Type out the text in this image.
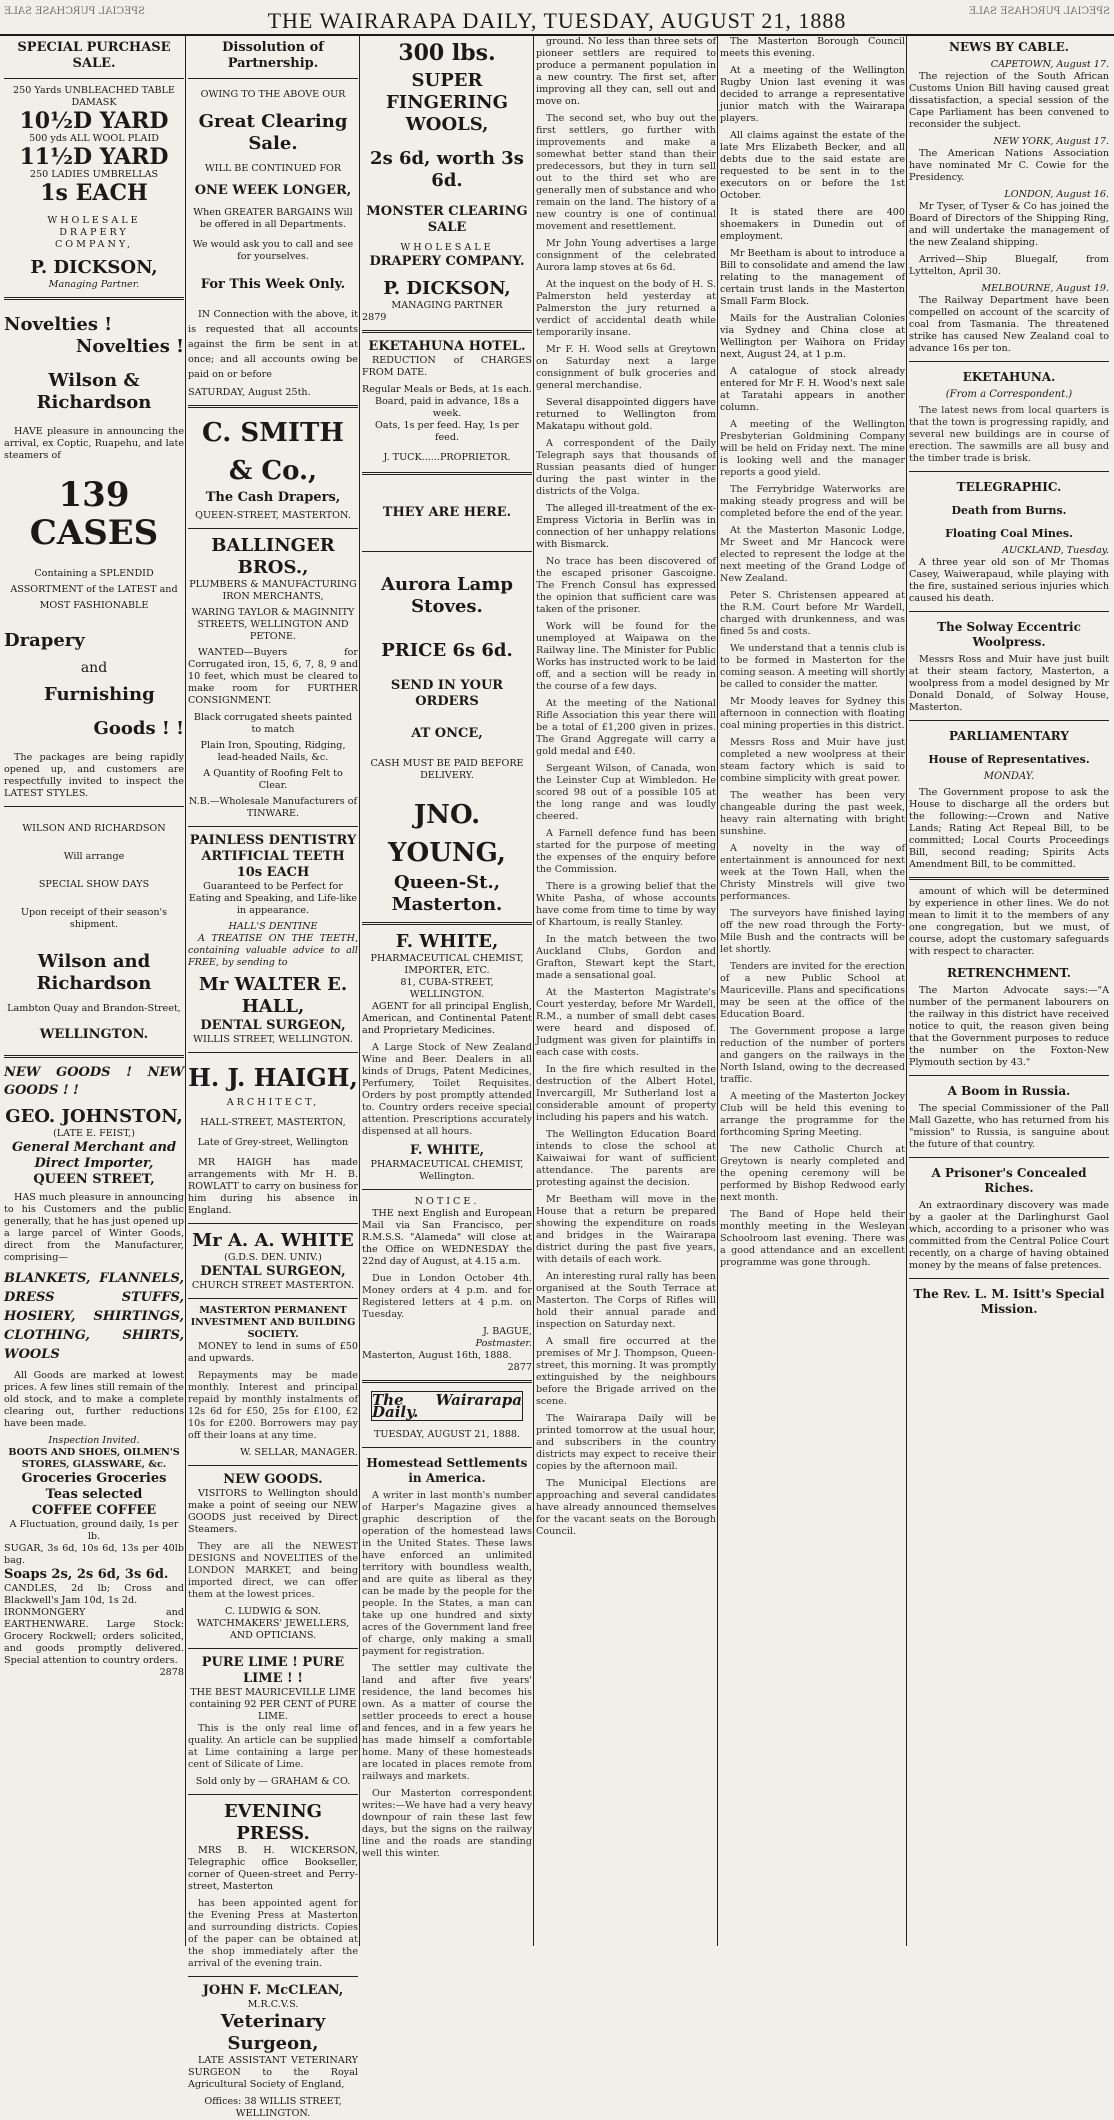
SPECIAL PURCHASE SALE	THE WAIRARAPA DAILY, TUESDAY, AUGUST 21, 1888	SPECIAL PURCHASE SALE
SPECIAL PURCHASE SALE.
250 Yards UNBLEACHED TABLE DAMASK
10½D YARD
500 yds ALL WOOL PLAID
11½D YARD
250 LADIES UMBRELLAS
1s EACH
WHOLESALE
DRAPERY
COMPANY,
P. DICKSON,
Managing Partner.
Novelties !
Novelties !
Wilson & Richardson

HAVE pleasure in announcing the arrival, ex Coptic, Ruapehu, and late steamers of

139 CASES
Containing a SPLENDID ASSORTMENT of the LATEST and MOST FASHIONABLE
Drapery
and
Furnishing
Goods ! !

The packages are being rapidly opened up, and customers are respectfully invited to inspect the LATEST STYLES.

WILSON AND RICHARDSON
Will arrange
SPECIAL SHOW DAYS
Upon receipt of their season's shipment.
Wilson and Richardson
Lambton Quay and Brandon-Street,
WELLINGTON.
NEW GOODS ! NEW GOODS ! !
GEO. JOHNSTON,
(LATE E. FEIST,)
General Merchant and Direct Importer,
QUEEN STREET,

HAS much pleasure in announcing to his Customers and the public generally, that he has just opened up a large parcel of Winter Goods, direct from the Manufacturer, comprising—

BLANKETS, FLANNELS, DRESS STUFFS, HOSIERY, SHIRTINGS, CLOTHING, SHIRTS, WOOLS

All Goods are marked at lowest prices. A few lines still remain of the old stock, and to make a complete clearing out, further reductions have been made.

Inspection Invited.
BOOTS AND SHOES, OILMEN'S STORES, GLASSWARE, &c.
Groceries Groceries
Teas selected
COFFEE COFFEE
A Fluctuation, ground daily, 1s per lb.
SUGAR, 3s 6d, 10s 6d, 13s per 40lb bag.
Soaps 2s, 2s 6d, 3s 6d.
CANDLES, 2d lb; Cross and Blackwell's Jam 10d, 1s 2d.
IRONMONGERY and EARTHENWARE. Large Stock: Grocery Rockwell; orders solicited, and goods promptly delivered. Special attention to country orders.
2878
Dissolution of Partnership.
OWING TO THE ABOVE OUR
Great Clearing Sale.
WILL BE CONTINUED FOR
ONE WEEK LONGER,
When GREATER BARGAINS Will be offered in all Departments.
We would ask you to call and see for yourselves.
For This Week Only.

IN Connection with the above, it is requested that all accounts against the firm be sent in at once; and all accounts owing be paid on or before

SATURDAY, August 25th.
C. SMITH & Co.,
The Cash Drapers,
QUEEN-STREET, MASTERTON.
BALLINGER BROS.,
PLUMBERS & MANUFACTURING IRON MERCHANTS,
WARING TAYLOR & MAGINNITY STREETS, WELLINGTON AND PETONE.

WANTED—Buyers for Corrugated iron, 15, 6, 7, 8, 9 and 10 feet, which must be cleared to make room for FURTHER CONSIGNMENT.

Black corrugated sheets painted to match
Plain Iron, Spouting, Ridging, lead-headed Nails, &c.
A Quantity of Roofing Felt to Clear.
N.B.—Wholesale Manufacturers of TINWARE.
PAINLESS DENTISTRY
ARTIFICIAL TEETH 10s EACH
Guaranteed to be Perfect for Eating and Speaking, and Life-like in appearance.
HALL'S DENTINE

A TREATISE ON THE TEETH, containing valuable advice to all FREE, by sending to

Mr WALTER E. HALL,
DENTAL SURGEON,
WILLIS STREET, WELLINGTON.
H. J. HAIGH,
ARCHITECT,
HALL-STREET, MASTERTON,
Late of Grey-street, Wellington

MR HAIGH has made arrangements with Mr H. B. ROWLATT to carry on business for him during his absence in England.

Mr A. A. WHITE
(G.D.S. DEN. UNIV.)
DENTAL SURGEON,
CHURCH STREET MASTERTON.
MASTERTON PERMANENT INVESTMENT AND BUILDING SOCIETY.

MONEY to lend in sums of £50 and upwards.

Repayments may be made monthly. Interest and principal repaid by monthly instalments of 12s 6d for £50, 25s for £100, £2 10s for £200. Borrowers may pay off their loans at any time.

W. SELLAR, MANAGER.
NEW GOODS.

VISITORS to Wellington should make a point of seeing our NEW GOODS just received by Direct Steamers.

They are all the NEWEST DESIGNS and NOVELTIES of the LONDON MARKET, and being imported direct, we can offer them at the lowest prices.

C. LUDWIG & SON. WATCHMAKERS' JEWELLERS, AND OPTICIANS.
PURE LIME ! PURE LIME ! !
THE BEST MAURICEVILLE LIME containing 92 PER CENT of PURE LIME.

This is the only real lime of quality. An article can be supplied at Lime containing a large per cent of Silicate of Lime.

Sold only by — GRAHAM & CO.
EVENING PRESS.

MRS B. H. WICKERSON, Telegraphic office Bookseller, corner of Queen-street and Perry-street, Masterton

has been appointed agent for the Evening Press at Masterton and surrounding districts. Copies of the paper can be obtained at the shop immediately after the arrival of the evening train.

JOHN F. McCLEAN,
M.R.C.V.S.
Veterinary Surgeon,

LATE ASSISTANT VETERINARY SURGEON to the Royal Agricultural Society of England,

Offices: 38 WILLIS STREET, WELLINGTON.
300 lbs.
SUPER FINGERING WOOLS,
2s 6d, worth 3s 6d.
MONSTER CLEARING SALE
WHOLESALE
DRAPERY COMPANY.
P. DICKSON,
MANAGING PARTNER
2879
EKETAHUNA HOTEL.

REDUCTION of CHARGES FROM DATE.

Regular Meals or Beds, at 1s each. Board, paid in advance, 18s a week.
Oats, 1s per feed. Hay, 1s per feed.
J. TUCK......PROPRIETOR.
THEY ARE HERE.
Aurora Lamp Stoves.
PRICE 6s 6d.
SEND IN YOUR ORDERS
AT ONCE,
CASH MUST BE PAID BEFORE DELIVERY.
JNO. YOUNG,
Queen-St., Masterton.
F. WHITE,
PHARMACEUTICAL CHEMIST, IMPORTER, ETC.
81, CUBA-STREET, WELLINGTON.

AGENT for all principal English, American, and Continental Patent and Proprietary Medicines.

A Large Stock of New Zealand Wine and Beer. Dealers in all kinds of Drugs, Patent Medicines, Perfumery, Toilet Requisites. Orders by post promptly attended to. Country orders receive special attention. Prescriptions accurately dispensed at all hours.

F. WHITE,
PHARMACEUTICAL CHEMIST, Wellington.
NOTICE.

THE next English and European Mail via San Francisco, per R.M.S.S. "Alameda" will close at the Office on WEDNESDAY the 22nd day of August, at 4.15 a.m.

Due in London October 4th. Money orders at 4 p.m. and for Registered letters at 4 p.m. on Tuesday.

J. BAGUE,
Postmaster.
Masterton, August 16th, 1888.
2877
The Wairarapa Daily.
TUESDAY, AUGUST 21, 1888.
Homestead Settlements in America.

A writer in last month's number of Harper's Magazine gives a graphic description of the operation of the homestead laws in the United States. These laws have enforced an unlimited territory with boundless wealth, and are quite as liberal as they can be made by the people for the people. In the States, a man can take up one hundred and sixty acres of the Government land free of charge, only making a small payment for registration.

The settler may cultivate the land and after five years' residence, the land becomes his own. As a matter of course the settler proceeds to erect a house and fences, and in a few years he has made himself a comfortable home. Many of these homesteads are located in places remote from railways and markets.

Our Masterton correspondent writes:—We have had a very heavy downpour of rain these last few days, but the signs on the railway line and the roads are standing well this winter.

ground. No less than three sets of pioneer settlers are required to produce a permanent population in a new country. The first set, after improving all they can, sell out and move on.

The second set, who buy out the first settlers, go further with improvements and make a somewhat better stand than their predecessors, but they in turn sell out to the third set who are generally men of substance and who remain on the land. The history of a new country is one of continual movement and resettlement.

Mr John Young advertises a large consignment of the celebrated Aurora lamp stoves at 6s 6d.

At the inquest on the body of H. S. Palmerston held yesterday at Palmerston the jury returned a verdict of accidental death while temporarily insane.

Mr F. H. Wood sells at Greytown on Saturday next a large consignment of bulk groceries and general merchandise.

Several disappointed diggers have returned to Wellington from Makatapu without gold.

A correspondent of the Daily Telegraph says that thousands of Russian peasants died of hunger during the past winter in the districts of the Volga.

The alleged ill-treatment of the ex-Empress Victoria in Berlin was in connection of her unhappy relations with Bismarck.

No trace has been discovered of the escaped prisoner Gascoigne. The French Consul has expressed the opinion that sufficient care was taken of the prisoner.

Work will be found for the unemployed at Waipawa on the Railway line. The Minister for Public Works has instructed work to be laid off, and a section will be ready in the course of a few days.

At the meeting of the National Rifle Association this year there will be a total of £1,200 given in prizes. The Grand Aggregate will carry a gold medal and £40.

Sergeant Wilson, of Canada, won the Leinster Cup at Wimbledon. He scored 98 out of a possible 105 at the long range and was loudly cheered.

A Farnell defence fund has been started for the purpose of meeting the expenses of the enquiry before the Commission.

There is a growing belief that the White Pasha, of whose accounts have come from time to time by way of Khartoum, is really Stanley.

In the match between the two Auckland Clubs, Gordon and Grafton, Stewart kept the Start, made a sensational goal.

At the Masterton Magistrate's Court yesterday, before Mr Wardell, R.M., a number of small debt cases were heard and disposed of. Judgment was given for plaintiffs in each case with costs.

In the fire which resulted in the destruction of the Albert Hotel, Invercargill, Mr Sutherland lost a considerable amount of property including his papers and his watch.

The Wellington Education Board intends to close the school at Kaiwaiwai for want of sufficient attendance. The parents are protesting against the decision.

Mr Beetham will move in the House that a return be prepared showing the expenditure on roads and bridges in the Wairarapa district during the past five years, with details of each work.

An interesting rural rally has been organised at the South Terrace at Masterton. The Corps of Rifles will hold their annual parade and inspection on Saturday next.

A small fire occurred at the premises of Mr J. Thompson, Queen-street, this morning. It was promptly extinguished by the neighbours before the Brigade arrived on the scene.

The Wairarapa Daily will be printed tomorrow at the usual hour, and subscribers in the country districts may expect to receive their copies by the afternoon mail.

The Municipal Elections are approaching and several candidates have already announced themselves for the vacant seats on the Borough Council.

The Masterton Borough Council meets this evening.

At a meeting of the Wellington Rugby Union last evening it was decided to arrange a representative junior match with the Wairarapa players.

All claims against the estate of the late Mrs Elizabeth Becker, and all debts due to the said estate are requested to be sent in to the executors on or before the 1st October.

It is stated there are 400 shoemakers in Dunedin out of employment.

Mr Beetham is about to introduce a Bill to consolidate and amend the law relating to the management of certain trust lands in the Masterton Small Farm Block.

Mails for the Australian Colonies via Sydney and China close at Wellington per Waihora on Friday next, August 24, at 1 p.m.

A catalogue of stock already entered for Mr F. H. Wood's next sale at Taratahi appears in another column.

A meeting of the Wellington Presbyterian Goldmining Company will be held on Friday next. The mine is looking well and the manager reports a good yield.

The Ferrybridge Waterworks are making steady progress and will be completed before the end of the year.

At the Masterton Masonic Lodge, Mr Sweet and Mr Hancock were elected to represent the lodge at the next meeting of the Grand Lodge of New Zealand.

Peter S. Christensen appeared at the R.M. Court before Mr Wardell, charged with drunkenness, and was fined 5s and costs.

We understand that a tennis club is to be formed in Masterton for the coming season. A meeting will shortly be called to consider the matter.

Mr Moody leaves for Sydney this afternoon in connection with floating coal mining properties in this district.

Messrs Ross and Muir have just completed a new woolpress at their steam factory which is said to combine simplicity with great power.

The weather has been very changeable during the past week, heavy rain alternating with bright sunshine.

A novelty in the way of entertainment is announced for next week at the Town Hall, when the Christy Minstrels will give two performances.

The surveyors have finished laying off the new road through the Forty-Mile Bush and the contracts will be let shortly.

Tenders are invited for the erection of a new Public School at Mauriceville. Plans and specifications may be seen at the office of the Education Board.

The Government propose a large reduction of the number of porters and gangers on the railways in the North Island, owing to the decreased traffic.

A meeting of the Masterton Jockey Club will be held this evening to arrange the programme for the forthcoming Spring Meeting.

The new Catholic Church at Greytown is nearly completed and the opening ceremony will be performed by Bishop Redwood early next month.

The Band of Hope held their monthly meeting in the Wesleyan Schoolroom last evening. There was a good attendance and an excellent programme was gone through.

NEWS BY CABLE.
CAPETOWN, August 17.

The rejection of the South African Customs Union Bill having caused great dissatisfaction, a special session of the Cape Parliament has been convened to reconsider the subject.

NEW YORK, August 17.

The American Nations Association have nominated Mr C. Cowie for the Presidency.

LONDON, August 16.

Mr Tyser, of Tyser & Co has joined the Board of Directors of the Shipping Ring, and will undertake the management of the new Zealand shipping.

Arrived—Ship Bluegalf, from Lyttelton, April 30.

MELBOURNE, August 19.

The Railway Department have been compelled on account of the scarcity of coal from Tasmania. The threatened strike has caused New Zealand coal to advance 16s per ton.

EKETAHUNA.
(From a Correspondent.)

The latest news from local quarters is that the town is progressing rapidly, and several new buildings are in course of erection. The sawmills are all busy and the timber trade is brisk.

TELEGRAPHIC.
Death from Burns.
Floating Coal Mines.
AUCKLAND, Tuesday.

A three year old son of Mr Thomas Casey, Waiwerapaud, while playing with the fire, sustained serious injuries which caused his death.

The Solway Eccentric Woolpress.

Messrs Ross and Muir have just built at their steam factory, Masterton, a woolpress from a model designed by Mr Donald Donald, of Solway House, Masterton.

PARLIAMENTARY
House of Representatives.
MONDAY.

The Government propose to ask the House to discharge all the orders but the following:—Crown and Native Lands; Rating Act Repeal Bill, to be committed; Local Courts Proceedings Bill, second reading; Spirits Acts Amendment Bill, to be committed.

amount of which will be determined by experience in other lines. We do not mean to limit it to the members of any one congregation, but we must, of course, adopt the customary safeguards with respect to character.

RETRENCHMENT.

The Marton Advocate says:—"A number of the permanent labourers on the railway in this district have received notice to quit, the reason given being that the Government purposes to reduce the number on the Foxton-New Plymouth section by 43."

A Boom in Russia.

The special Commissioner of the Pall Mall Gazette, who has returned from his "mission" to Russia, is sanguine about the future of that country.

A Prisoner's Concealed Riches.

An extraordinary discovery was made by a gaoler at the Darlinghurst Gaol which, according to a prisoner who was committed from the Central Police Court recently, on a charge of having obtained money by the means of false pretences.

The Rev. L. M. Isitt's Special Mission.
